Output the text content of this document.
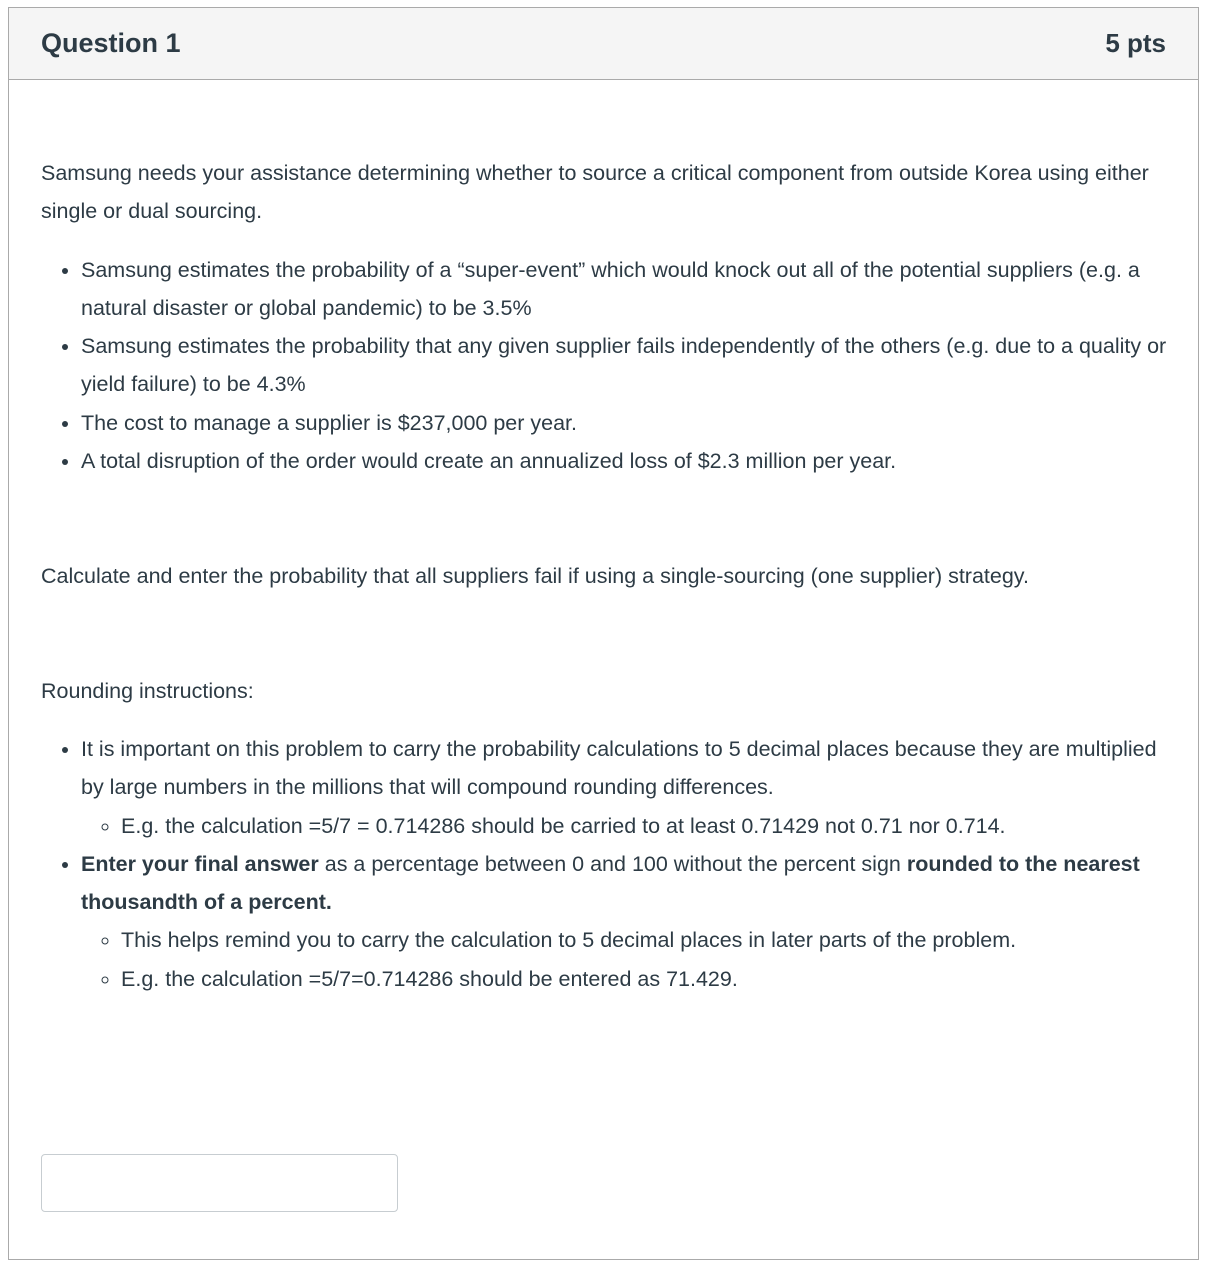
Question 1	5 pts

Samsung needs your assistance determining whether to source a critical component from outside Korea using either single or dual sourcing.

• Samsung estimates the probability of a “super-event” which would knock out all of the potential suppliers (e.g. a natural disaster or global pandemic) to be 3.5%
• Samsung estimates the probability that any given supplier fails independently of the others (e.g. due to a quality or yield failure) to be 4.3%
• The cost to manage a supplier is $237,000 per year.
• A total disruption of the order would create an annualized loss of $2.3 million per year.

Calculate and enter the probability that all suppliers fail if using a single-sourcing (one supplier) strategy.

Rounding instructions:

• It is important on this problem to carry the probability calculations to 5 decimal places because they are multiplied by large numbers in the millions that will compound rounding differences.
◦ E.g. the calculation =5/7 = 0.714286 should be carried to at least 0.71429 not 0.71 nor 0.714.
• Enter your final answer as a percentage between 0 and 100 without the percent sign rounded to the nearest thousandth of a percent.
◦ This helps remind you to carry the calculation to 5 decimal places in later parts of the problem.
◦ E.g. the calculation =5/7=0.714286 should be entered as 71.429.
